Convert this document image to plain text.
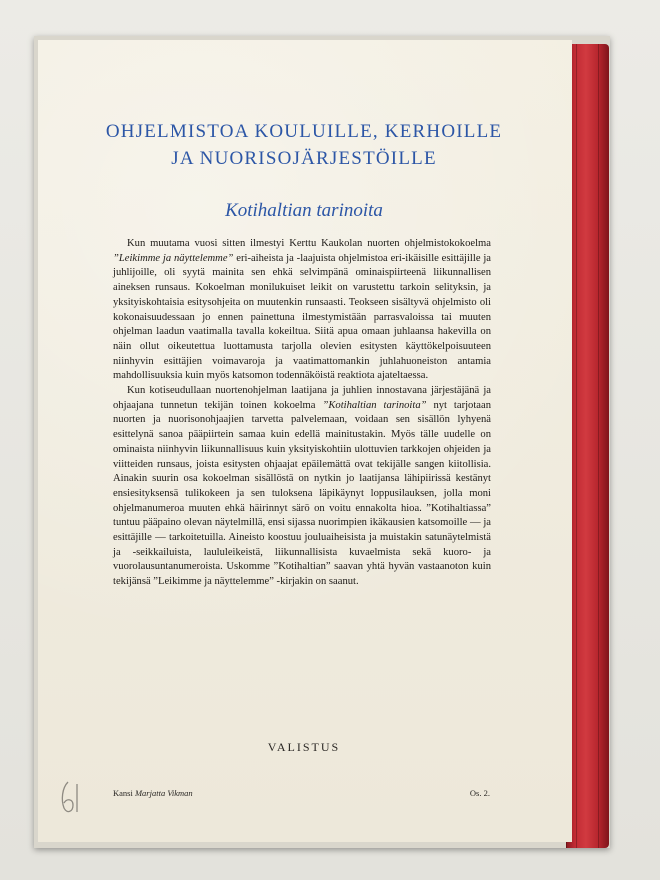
OHJELMISTOA KOULUILLE, KERHOILLE
JA NUORISOJÄRJESTÖILLE
Kotihaltian tarinoita

Kun muutama vuosi sitten ilmestyi Kerttu Kaukolan nuorten ohjelmistokokoelma ”Leikimme ja näyttelemme” eri-aiheista ja -laajuista ohjelmistoa eri-ikäisille esittäjille ja juhlijoille, oli syytä mainita sen ehkä selvimpänä ominaispiirteenä liikunnallisen aineksen runsaus. Kokoelman monilukuiset leikit on varustettu tarkoin selityksin, ja yksityiskohtaisia esitysohjeita on muutenkin runsaasti. Teokseen sisältyvä ohjelmisto oli kokonaisuudessaan jo ennen painettuna ilmestymistään parrasvaloissa tai muuten ohjelman laadun vaatimalla tavalla kokeiltua. Siitä apua omaan juhlaansa hakevilla on näin ollut oikeutettua luottamusta tarjolla olevien esitysten käyttökelpoisuuteen niinhyvin esittäjien voimavaroja ja vaatimattomankin juhlahuoneiston antamia mahdollisuuksia kuin myös katsomon todennäköistä reaktiota ajateltaessa.

Kun kotiseudullaan nuortenohjelman laatijana ja juhlien innostavana järjestäjänä ja ohjaajana tunnetun tekijän toinen kokoelma ”Kotihaltian tarinoita” nyt tarjotaan nuorten ja nuorisonohjaajien tarvetta palvelemaan, voidaan sen sisällön lyhyenä esittelynä sanoa pääpiirtein samaa kuin edellä mainitustakin. Myös tälle uudelle on ominaista niinhyvin liikunnallisuus kuin yksityiskohtiin ulottuvien tarkkojen ohjeiden ja viitteiden runsaus, joista esitysten ohjaajat epäilemättä ovat tekijälle sangen kiitollisia. Ainakin suurin osa kokoelman sisällöstä on nytkin jo laatijansa lähipiirissä kestänyt ensiesityksensä tulikokeen ja sen tuloksena läpikäynyt loppusilauksen, jolla moni ohjelmanumeroa muuten ehkä häirinnyt särö on voitu ennakolta hioa. ”Kotihaltiassa” tuntuu pääpaino olevan näytelmillä, ensi sijassa nuorimpien ikäkausien katsomoille — ja esittäjille — tarkoitetuilla. Aineisto koostuu jouluaiheisista ja muistakin satunäytelmistä ja -seikkailuista, laululeikeistä, liikunnallisista kuvaelmista sekä kuoro- ja vuorolausuntanumeroista. Uskomme ”Kotihaltian” saavan yhtä hyvän vastaanoton kuin tekijänsä ”Leikimme ja näyttelemme” -kirjakin on saanut.

VALISTUS
Kansi Marjatta Vikman	Os. 2.
